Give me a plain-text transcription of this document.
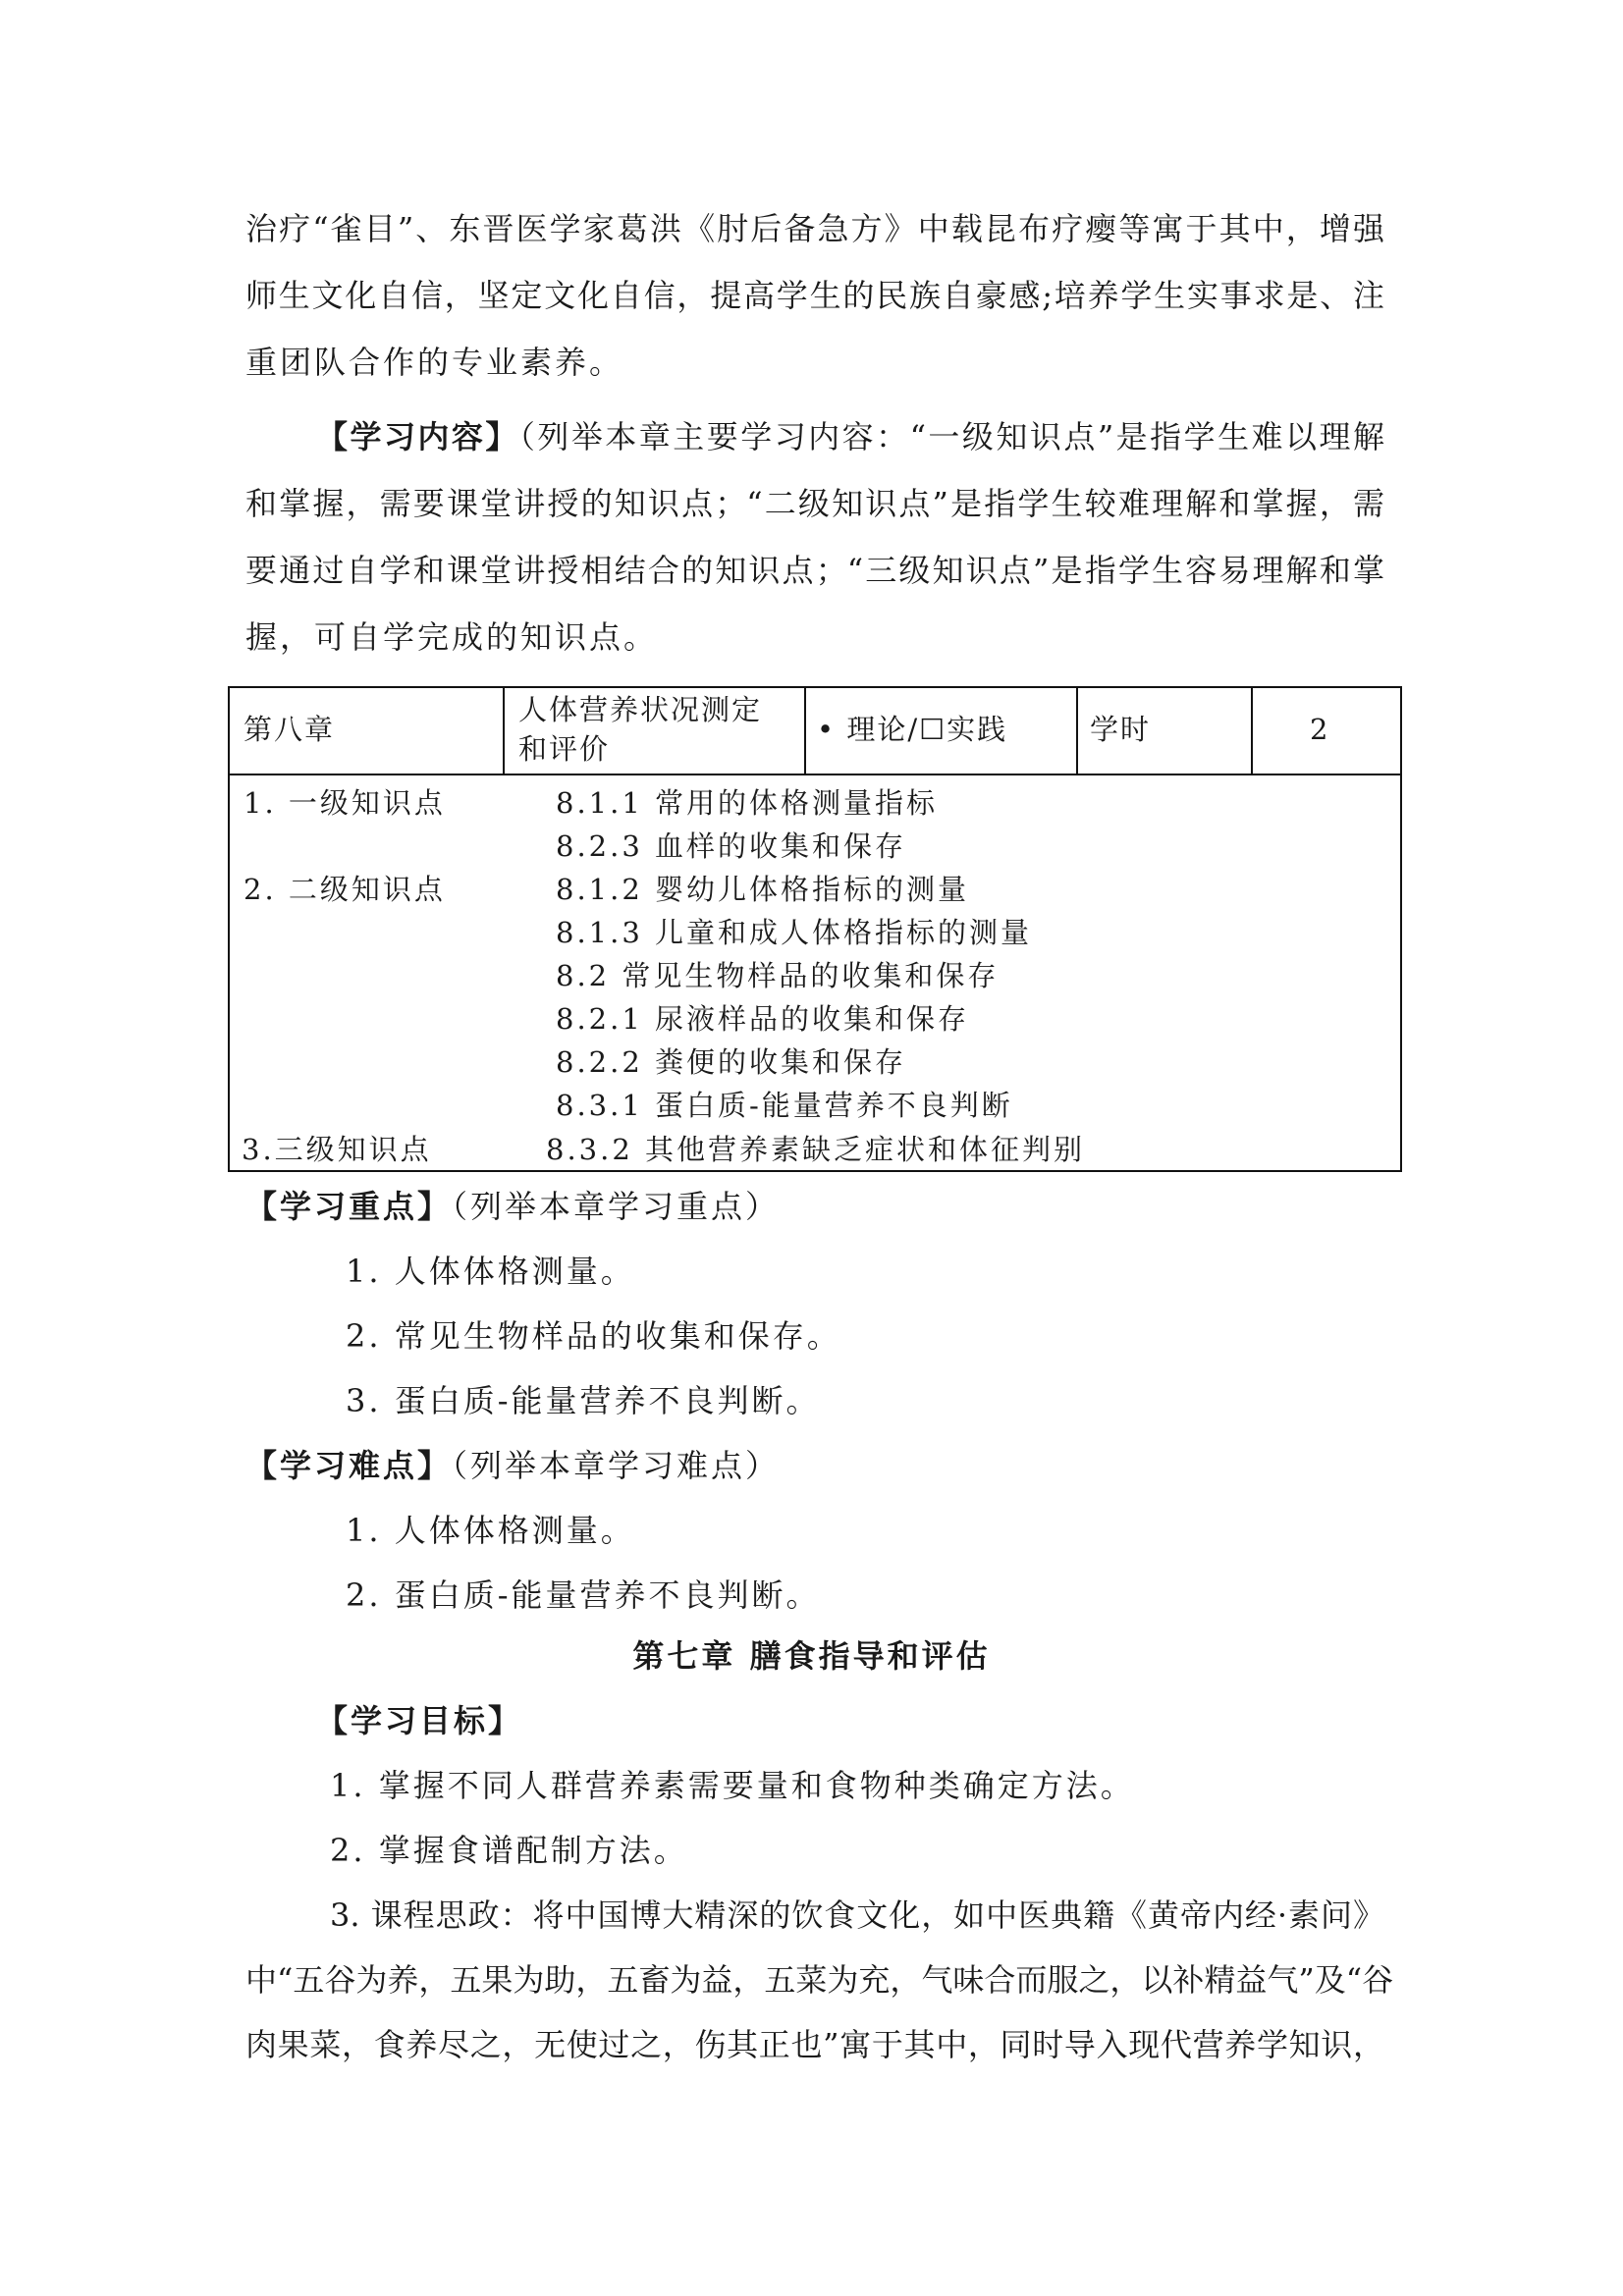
治疗“雀目”、东晋医学家葛洪《肘后备急方》中载昆布疗瘿等寓于其中，增强
师生文化自信，坚定文化自信，提高学生的民族自豪感;培养学生实事求是、注
重团队合作的专业素养。
【学习内容】（列举本章主要学习内容：“一级知识点”是指学生难以理解
和掌握，需要课堂讲授的知识点；“二级知识点”是指学生较难理解和掌握，需
要通过自学和课堂讲授相结合的知识点；“三级知识点”是指学生容易理解和掌
握，可自学完成的知识点。
第八章
人体营养状况测定
和评价
• 理论/☐实践	学时	2
1. 一级知识点
2. 二级知识点
3.三级知识点
8.1.1 常用的体格测量指标
8.2.3 血样的收集和保存
8.1.2 婴幼儿体格指标的测量
8.1.3 儿童和成人体格指标的测量
8.2 常见生物样品的收集和保存
8.2.1 尿液样品的收集和保存
8.2.2 粪便的收集和保存
8.3.1 蛋白质-能量营养不良判断
8.3.2 其他营养素缺乏症状和体征判别
【学习重点】（列举本章学习重点）
1. 人体体格测量。
2. 常见生物样品的收集和保存。
3. 蛋白质-能量营养不良判断。
【学习难点】（列举本章学习难点）
1. 人体体格测量。
2. 蛋白质-能量营养不良判断。
第七章 膳食指导和评估
【学习目标】
1. 掌握不同人群营养素需要量和食物种类确定方法。
2. 掌握食谱配制方法。
3. 课程思政：将中国博大精深的饮食文化，如中医典籍《黄帝内经·素问》
中“五谷为养，五果为助，五畜为益，五菜为充，气味合而服之，以补精益气”及“谷
肉果菜，食养尽之，无使过之，伤其正也”寓于其中，同时导入现代营养学知识，
